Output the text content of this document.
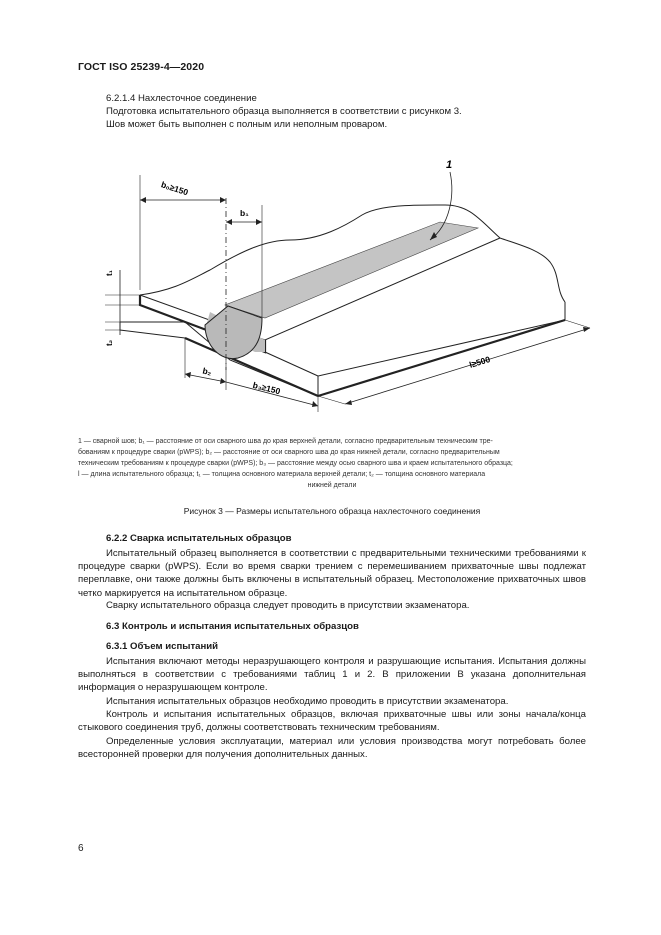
ГОСТ ISO 25239-4—2020
6.2.1.4 Нахлесточное соединение
Подготовка испытательного образца выполняется в соответствии с рисунком 3.
Шов может быть выполнен с полным или неполным проваром.
b₀≥150
b₁
t₁
t₂
b₂
b₃≥150
l≥500
1
1 — сварной шов; b₁ — расстояние от оси сварного шва до края верхней детали, согласно предварительным техническим тре-
бованиям к процедуре сварки (pWPS); b₂ — расстояние от оси сварного шва до края нижней детали, согласно предварительным
техническим требованиям к процедуре сварки (pWPS); b₃ — расстояние между осью сварного шва и краем испытательного образца;
l — длина испытательного образца; t₁ — толщина основного материала верхней детали; t₂ — толщина основного материала
нижней детали
Рисунок 3 — Размеры испытательного образца нахлесточного соединения
6.2.2 Сварка испытательных образцов
Испытательный образец выполняется в соответствии с предварительными техническими требованиями к процедуре сварки (pWPS). Если во время сварки трением с перемешиванием прихваточные швы подлежат переплавке, они также должны быть включены в испытательный образец. Местоположение прихваточных швов четко маркируется на испытательном образце.
Сварку испытательного образца следует проводить в присутствии экзаменатора.
6.3 Контроль и испытания испытательных образцов
6.3.1 Объем испытаний
Испытания включают методы неразрушающего контроля и разрушающие испытания. Испытания должны выполняться в соответствии с требованиями таблиц 1 и 2. В приложении В указана дополнительная информация о неразрушающем контроле.
Испытания испытательных образцов необходимо проводить в присутствии экзаменатора.
Контроль и испытания испытательных образцов, включая прихваточные швы или зоны начала/конца стыкового соединения труб, должны соответствовать техническим требованиям.
Определенные условия эксплуатации, материал или условия производства могут потребовать более всесторонней проверки для получения дополнительных данных.
6
